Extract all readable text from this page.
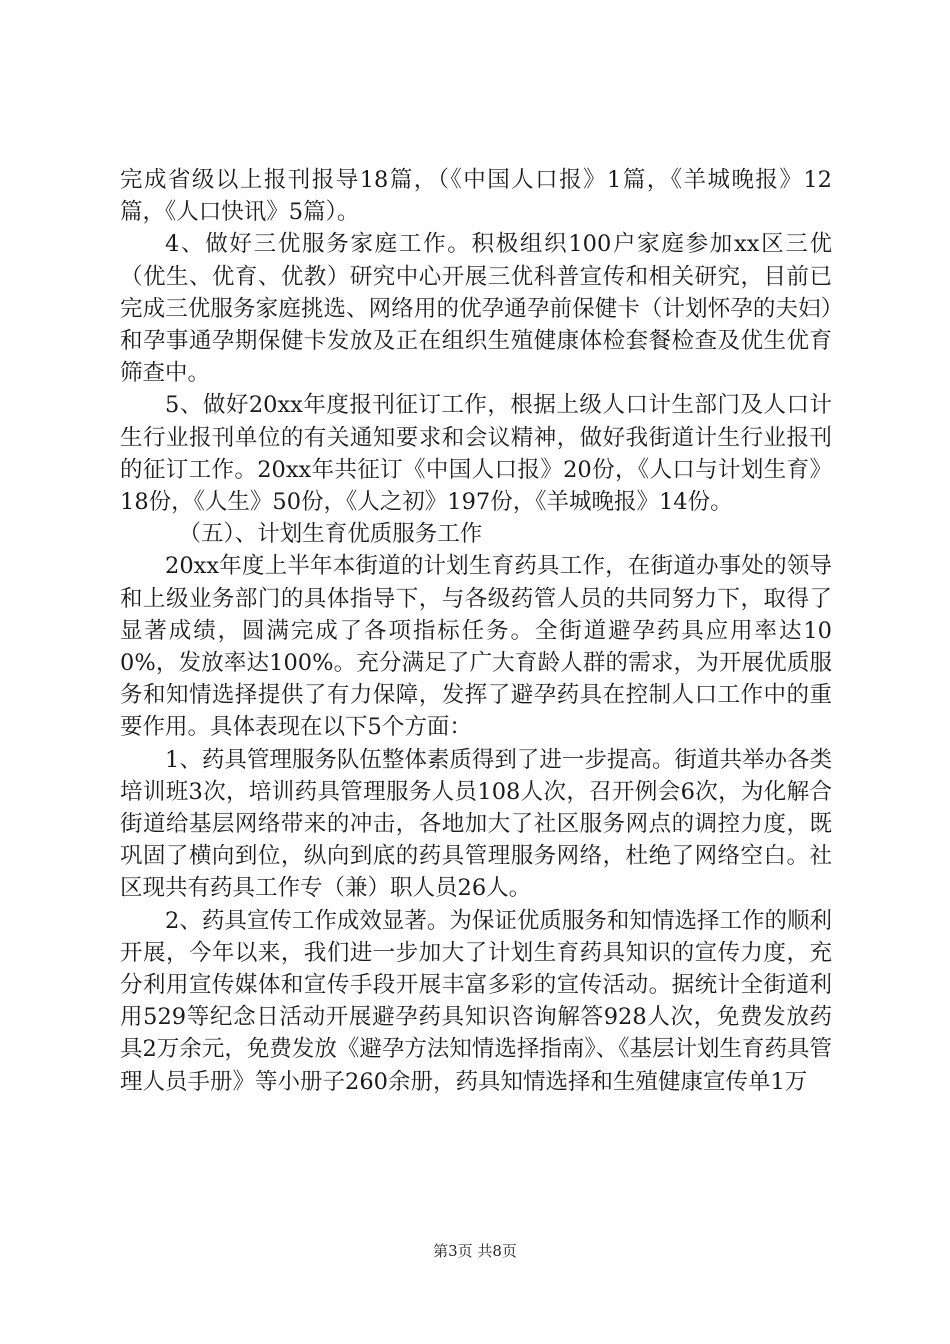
完成省级以上报刊报导18篇，（《中国人口报》1篇，《羊城晚报》12篇，《人口快讯》5篇）。

4、做好三优服务家庭工作。积极组织100户家庭参加xx区三优（优生、优育、优教）研究中心开展三优科普宣传和相关研究，目前已完成三优服务家庭挑选、网络用的优孕通孕前保健卡（计划怀孕的夫妇）和孕事通孕期保健卡发放及正在组织生殖健康体检套餐检查及优生优育筛查中。

5、做好20xx年度报刊征订工作，根据上级人口计生部门及人口计生行业报刊单位的有关通知要求和会议精神，做好我街道计生行业报刊的征订工作。20xx年共征订《中国人口报》20份，《人口与计划生育》18份，《人生》50份，《人之初》197份，《羊城晚报》14份。

（五）、计划生育优质服务工作

20xx年度上半年本街道的计划生育药具工作，在街道办事处的领导和上级业务部门的具体指导下，与各级药管人员的共同努力下，取得了显著成绩，圆满完成了各项指标任务。全街道避孕药具应用率达100%，发放率达100%。充分满足了广大育龄人群的需求，为开展优质服务和知情选择提供了有力保障，发挥了避孕药具在控制人口工作中的重要作用。具体表现在以下5个方面：

1、药具管理服务队伍整体素质得到了进一步提高。街道共举办各类培训班3次，培训药具管理服务人员108人次，召开例会6次，为化解合街道给基层网络带来的冲击，各地加大了社区服务网点的调控力度，既巩固了横向到位，纵向到底的药具管理服务网络，杜绝了网络空白。社区现共有药具工作专（兼）职人员26人。

2、药具宣传工作成效显著。为保证优质服务和知情选择工作的顺利开展，今年以来，我们进一步加大了计划生育药具知识的宣传力度，充分利用宣传媒体和宣传手段开展丰富多彩的宣传活动。据统计全街道利用529等纪念日活动开展避孕药具知识咨询解答928人次，免费发放药具2万余元，免费发放《避孕方法知情选择指南》、《基层计划生育药具管理人员手册》等小册子260余册，药具知情选择和生殖健康宣传单1万

第3页 共8页
